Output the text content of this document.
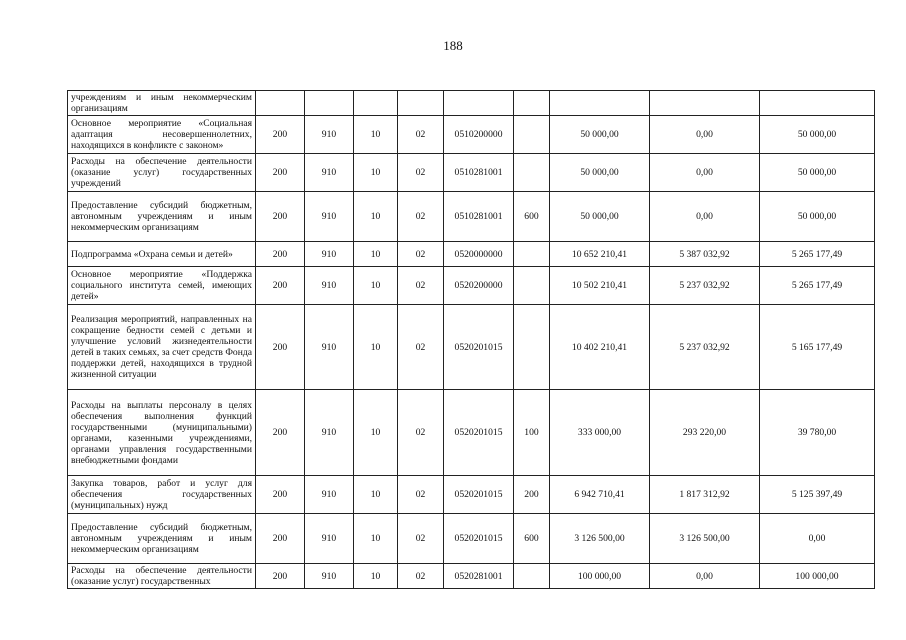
188
учреждениям и иным некоммерческим организациям									
Основное мероприятие «Социальная адаптация несовершеннолетних, находящихся в конфликте с законом»	200	910	10	02	0510200000		50 000,00	0,00	50 000,00
Расходы на обеспечение деятельности (оказание услуг) государственных учреждений	200	910	10	02	0510281001		50 000,00	0,00	50 000,00
Предоставление субсидий бюджетным, автономным учреждениям и иным некоммерческим организациям	200	910	10	02	0510281001	600	50 000,00	0,00	50 000,00
Подпрограмма «Охрана семьи и детей»	200	910	10	02	0520000000		10 652 210,41	5 387 032,92	5 265 177,49
Основное мероприятие «Поддержка социального института семей, имеющих детей»	200	910	10	02	0520200000		10 502 210,41	5 237 032,92	5 265 177,49
Реализация мероприятий, направленных на сокращение бедности семей с детьми и улучшение условий жизнедеятельности детей в таких семьях, за счет средств Фонда поддержки детей, находящихся в трудной жизненной ситуации	200	910	10	02	0520201015		10 402 210,41	5 237 032,92	5 165 177,49
Расходы на выплаты персоналу в целях обеспечения выполнения функций государственными (муниципальными) органами, казенными учреждениями, органами управления государственными внебюджетными фондами	200	910	10	02	0520201015	100	333 000,00	293 220,00	39 780,00
Закупка товаров, работ и услуг для обеспечения государственных (муниципальных) нужд	200	910	10	02	0520201015	200	6 942 710,41	1 817 312,92	5 125 397,49
Предоставление субсидий бюджетным, автономным учреждениям и иным некоммерческим организациям	200	910	10	02	0520201015	600	3 126 500,00	3 126 500,00	0,00
Расходы на обеспечение деятельности (оказание услуг) государственных	200	910	10	02	0520281001		100 000,00	0,00	100 000,00
